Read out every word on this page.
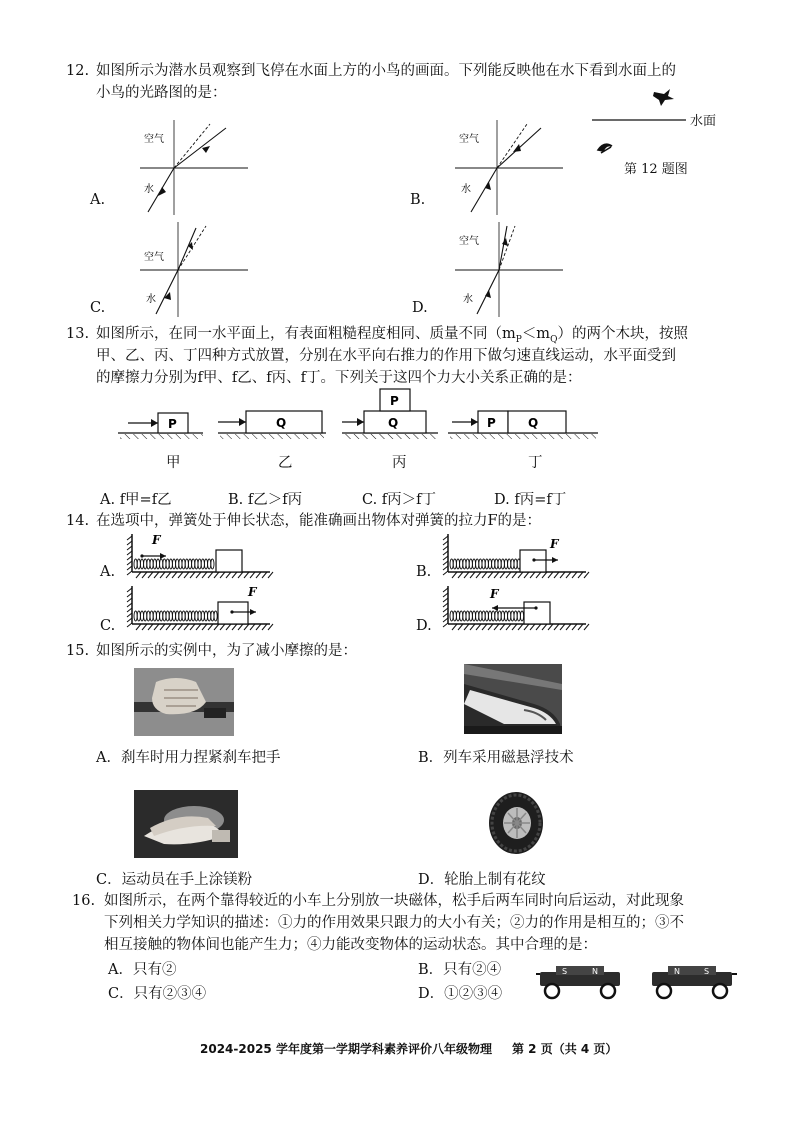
12. 如图所示为潜水员观察到飞停在水面上方的小鸟的画面。下列能反映他在水下看到水面上的
小鸟的光路图的是：
水面
第 12 题图
空气
水
A.
空气
水
B.
空气
水
C.
空气
水
D.
13. 如图所示，在同一水平面上，有表面粗糙程度相同、质量不同$(m_P<m_Q)$的两个木块，按照
甲、乙、丙、丁四种方式放置，分别在水平向右推力的作用下做匀速直线运动，水平面受到
的摩擦力分别为f甲、f乙、f丙、f丁。下列关于这四个力大小关系正确的是：
P	Q
P
Q	P	Q
甲	乙	丙	丁
A. f甲=f乙	B. f乙＞f丙	C. f丙＞f丁	D. f丙=f丁
14. 在选项中，弹簧处于伸长状态，能准确画出物体对弹簧的拉力F的是：
F	F
F	F
A.	B.
C.	D.
15. 如图所示的实例中，为了减小摩擦的是：
A．刹车时用力捏紧刹车把手	B．列车采用磁悬浮技术
C．运动员在手上涂镁粉	D．轮胎上制有花纹
16. 如图所示，在两个靠得较近的小车上分别放一块磁体，松手后两车同时向后运动，对此现象
下列相关力学知识的描述：①力的作用效果只跟力的大小有关；②力的作用是相互的；③不
相互接触的物体间也能产生力；④力能改变物体的运动状态。其中合理的是：
A．只有②	B．只有②④
C．只有②③④	D．①②③④
S	N	N	S
2024-2025 学年度第一学期学科素养评价八年级物理 第 2 页（共 4 页）
